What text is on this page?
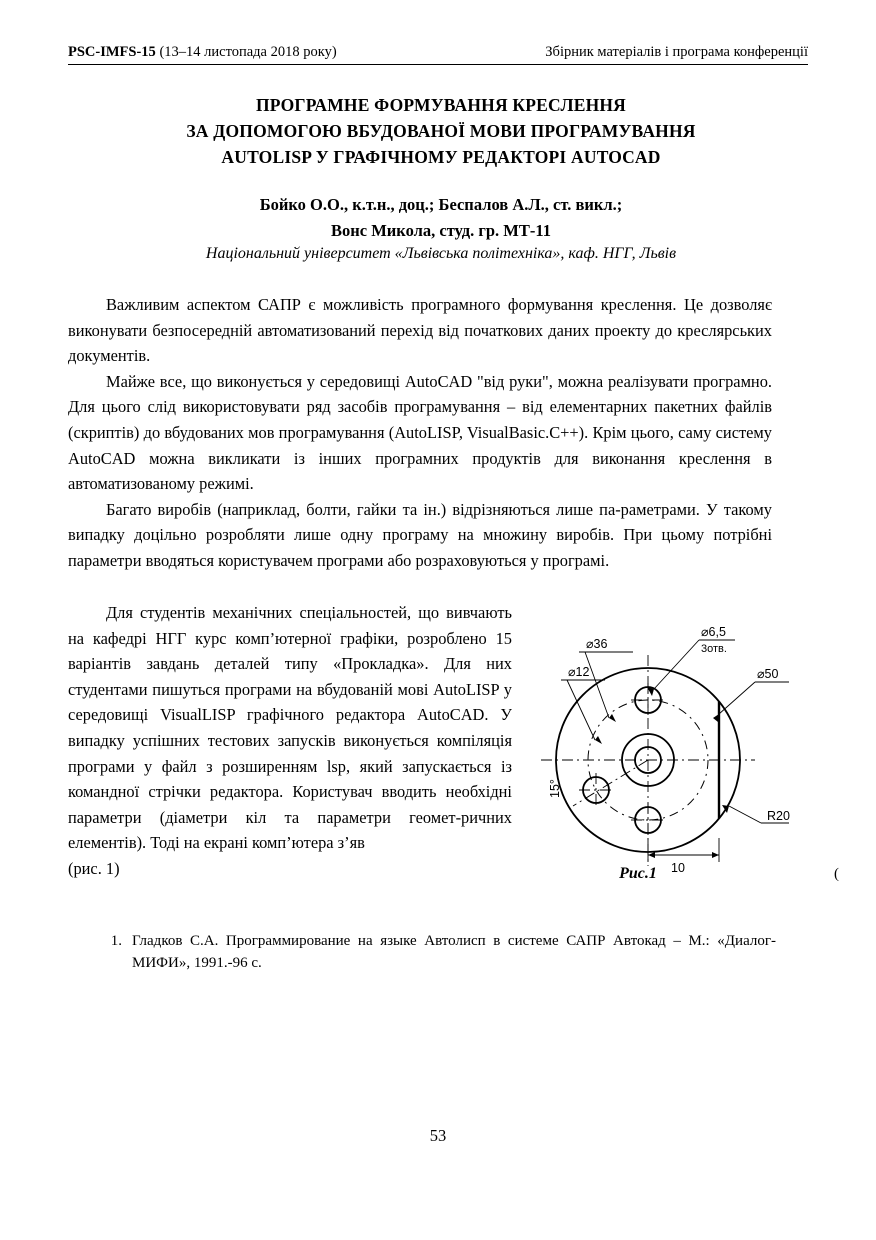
PSC-IMFS-15 (13–14 листопада 2018 року)	Збірник матеріалів і програма конференції
ПРОГРАМНЕ ФОРМУВАННЯ КРЕСЛЕННЯ
ЗА ДОПОМОГОЮ ВБУДОВАНОЇ МОВИ ПРОГРАМУВАННЯ
AUTOLISP У ГРАФІЧНОМУ РЕДАКТОРІ AUTOCAD
Бойко О.О., к.т.н., доц.; Беспалов А.Л., ст. викл.;
Вонс Микола, студ. гр. МТ-11
Національний університет «Львівська політехніка», каф. НГГ, Львів

Важливим аспектом САПР є можливість програмного формування креслення. Це дозволяє виконувати безпосередній автоматизований перехід від початкових даних проекту до креслярських документів.

Майже все, що виконується у середовищі AutoCAD "від руки", можна реалізувати програмно. Для цього слід використовувати ряд засобів програмування – від елементарних пакетних файлів (скриптів) до вбудованих мов програмування (AutoLISP, VisualBasic.C++). Крім цього, саму систему AutoCAD можна викликати із інших програмних продуктів для виконання креслення в автоматизованому режимі.

Багато виробів (наприклад, болти, гайки та ін.) відрізняються лише па-раметрами. У такому випадку доцільно розробляти лише одну програму на множину виробів. При цьому потрібні параметри вводяться користувачем програми або розраховуються у програмі.

Для студентів механічних спеціальностей, що вивчають на кафедрі НГГ курс комп’ютерної графіки, розроблено 15 варіантів завдань деталей типу «Прокладка». Для них студентами пишуться програми на вбудованій мові AutoLISP у середовищі VisualLISP графічного редактора AutoCAD. У випадку успішних тестових запусків виконується компіляція програми у файл з розширенням lsp, який запускається із командної стрічки редактора. Користувач вводить необхідні параметри (діаметри кіл та параметри геомет-ричних елементів). Тоді на екрані комп’ютера з’яв

(рис. 1)

⌀36
⌀12
⌀6,5
3отв.
⌀50
R20
10
15°
Рис.1	(
1. Гладков С.А. Программирование на языке Автолисп в системе САПР Автокад – М.: «Диалог-МИФИ», 1991.-96 с.
53
